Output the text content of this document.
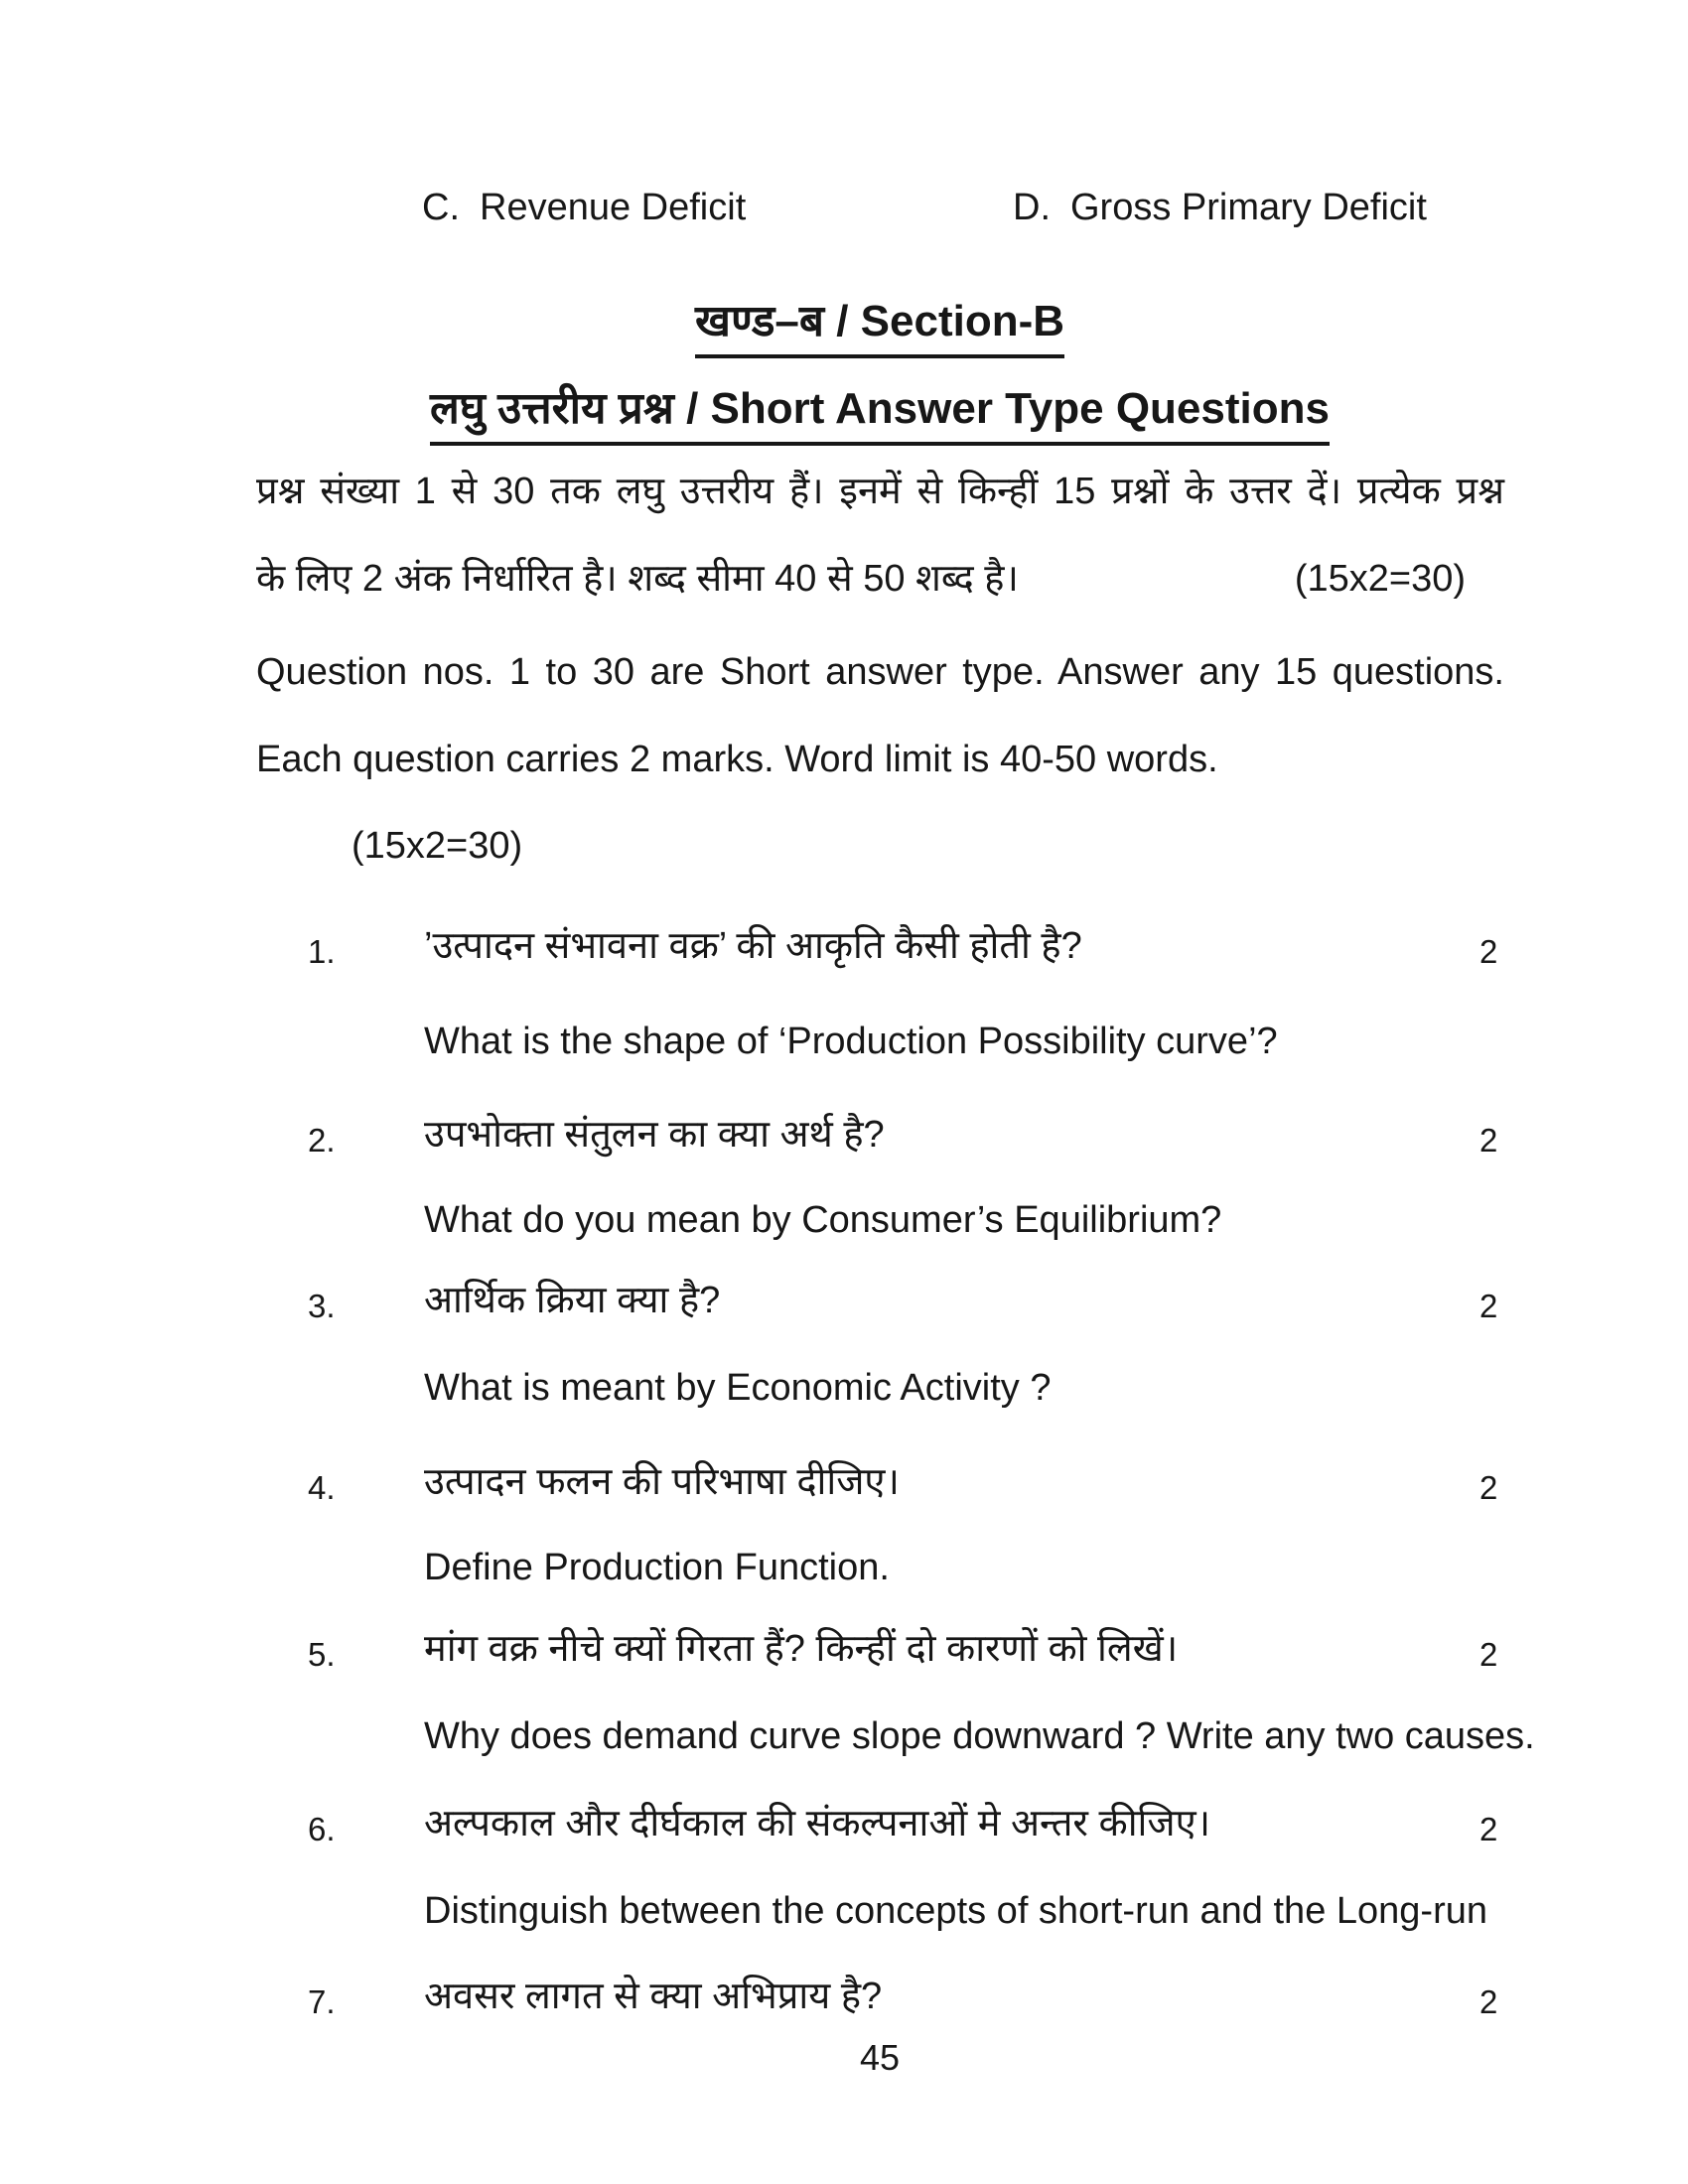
C. Revenue Deficit	D. Gross Primary Deficit
खण्ड–ब / Section-B
लघु उत्तरीय प्रश्न / Short Answer Type Questions
प्रश्न संख्या 1 से 30 तक लघु उत्तरीय हैं। इनमें से किन्हीं 15 प्रश्नों के उत्तर दें। प्रत्येक प्रश्न
के लिए 2 अंक निर्धारित है। शब्द सीमा 40 से 50 शब्द है।	(15x2=30)
Question nos. 1 to 30 are Short answer type. Answer any 15 questions.
Each question carries 2 marks. Word limit is 40-50 words.
(15x2=30)
1. ’उत्पादन संभावना वक्र’ की आकृति कैसी होती है?	2
What is the shape of ‘Production Possibility curve’?
2. उपभोक्ता संतुलन का क्या अर्थ है?	2
What do you mean by Consumer’s Equilibrium?
3. आर्थिक क्रिया क्या है?	2
What is meant by Economic Activity ?
4. उत्पादन फलन की परिभाषा दीजिए।	2
Define Production Function.
5. मांग वक्र नीचे क्यों गिरता हैं? किन्हीं दो कारणों को लिखें।	2
Why does demand curve slope downward ? Write any two causes.
6. अल्पकाल और दीर्घकाल की संकल्पनाओं मे अन्तर कीजिए।	2
Distinguish between the concepts of short-run and the Long-run
7. अवसर लागत से क्या अभिप्राय है?	2
45
